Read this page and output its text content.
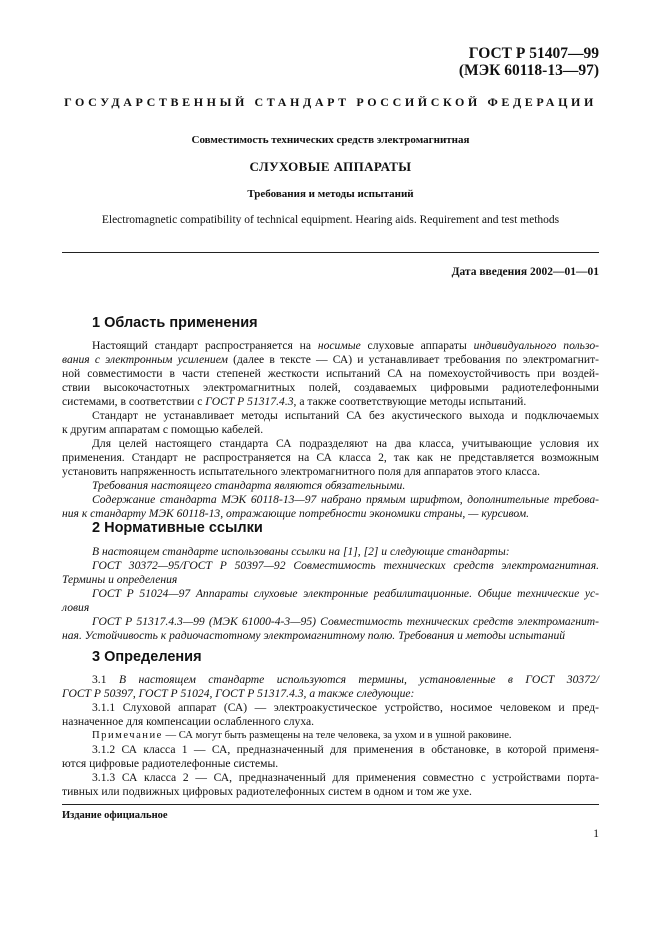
ГОСТ Р 51407—99
(МЭК 60118-13—97)
ГОСУДАРСТВЕННЫЙ СТАНДАРТ РОССИЙСКОЙ ФЕДЕРАЦИИ
Совместимость технических средств электромагнитная
СЛУХОВЫЕ АППАРАТЫ
Требования и методы испытаний
Electromagnetic compatibility of technical equipment. Hearing aids. Requirement and test methods
Дата введения 2002—01—01
1 Область применения
Настоящий стандарт распространяется на носимые слуховые аппараты индивидуального пользо-
вания с электронным усилением (далее в тексте — СА) и устанавливает требования по электромагнит-
ной совместимости в части степеней жесткости испытаний СА на помехоустойчивость при воздей-
ствии высокочастотных электромагнитных полей, создаваемых цифровыми радиотелефонными
системами, в соответствии с ГОСТ Р 51317.4.3, а также соответствующие методы испытаний.
Стандарт не устанавливает методы испытаний СА без акустического выхода и подключаемых
к другим аппаратам с помощью кабелей.
Для целей настоящего стандарта СА подразделяют на два класса, учитывающие условия их
применения. Стандарт не распространяется на СА класса 2, так как не представляется возможным
установить напряженность испытательного электромагнитного поля для аппаратов этого класса.
Требования настоящего стандарта являются обязательными.
Содержание стандарта МЭК 60118-13—97 набрано прямым шрифтом, дополнительные требова-
ния к стандарту МЭК 60118-13, отражающие потребности экономики страны, — курсивом.
2 Нормативные ссылки
В настоящем стандарте использованы ссылки на [1], [2] и следующие стандарты:
ГОСТ 30372—95/ГОСТ Р 50397—92 Совместимость технических средств электромагнитная.
Термины и определения
ГОСТ Р 51024—97 Аппараты слуховые электронные реабилитационные. Общие технические ус-
ловия
ГОСТ Р 51317.4.3—99 (МЭК 61000-4-3—95) Совместимость технических средств электромагнит-
ная. Устойчивость к радиочастотному электромагнитному полю. Требования и методы испытаний
3 Определения
3.1 В настоящем стандарте используются термины, установленные в ГОСТ 30372/
ГОСТ Р 50397, ГОСТ Р 51024, ГОСТ Р 51317.4.3, а также следующие:
3.1.1 Слуховой аппарат (СА) — электроакустическое устройство, носимое человеком и пред-
назначенное для компенсации ослабленного слуха.
Примечание — СА могут быть размещены на теле человека, за ухом и в ушной раковине.
3.1.2 СА класса 1 — СА, предназначенный для применения в обстановке, в которой применя-
ются цифровые радиотелефонные системы.
3.1.3 СА класса 2 — СА, предназначенный для применения совместно с устройствами порта-
тивных или подвижных цифровых радиотелефонных систем в одном и том же ухе.
Издание официальное
1
